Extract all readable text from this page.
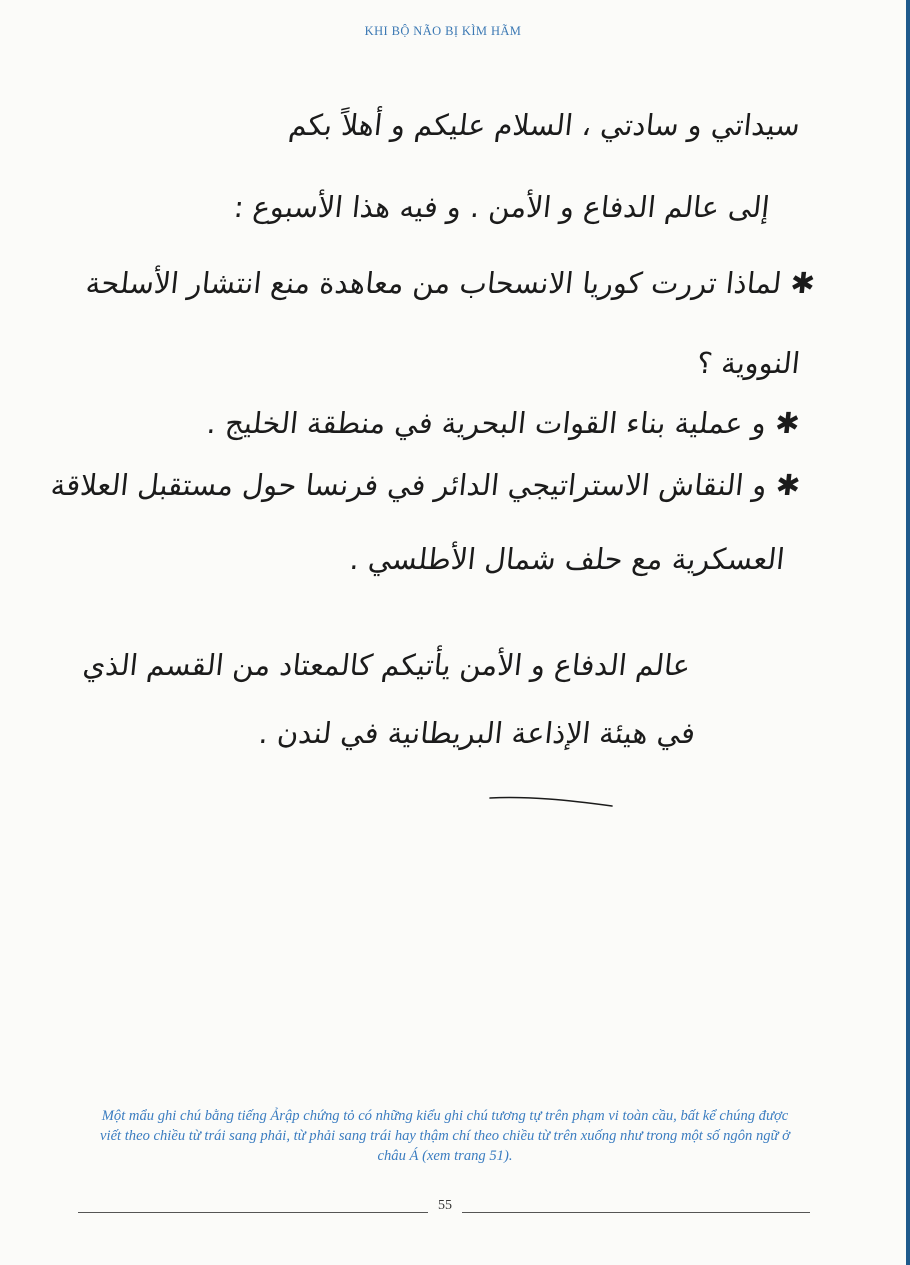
KHI BỘ NÃO BỊ KÌM HÃM
سيداتي و سادتي ، السلام عليكم و أهلاً بكم
إلى عالم الدفاع و الأمن . و فيه هذا الأسبوع :
✱ لماذا تررت كوريا الانسحاب من معاهدة منع انتشار الأسلحة
النووية ؟
✱ و عملية بناء القوات البحرية في منطقة الخليج .
✱ و النقاش الاستراتيجي الدائر في فرنسا حول مستقبل العلاقة
العسكرية مع حلف شمال الأطلسي .
عالم الدفاع و الأمن يأتيكم كالمعتاد من القسم الذي
في هيئة الإذاعة البريطانية في لندن .
Một mẩu ghi chú bằng tiếng Ảrập chứng tỏ có những kiểu ghi chú tương tự trên phạm vi toàn cầu, bất kể chúng được viết theo chiều từ trái sang phải, từ phải sang trái hay thậm chí theo chiều từ trên xuống như trong một số ngôn ngữ ở châu Á (xem trang 51).
55
